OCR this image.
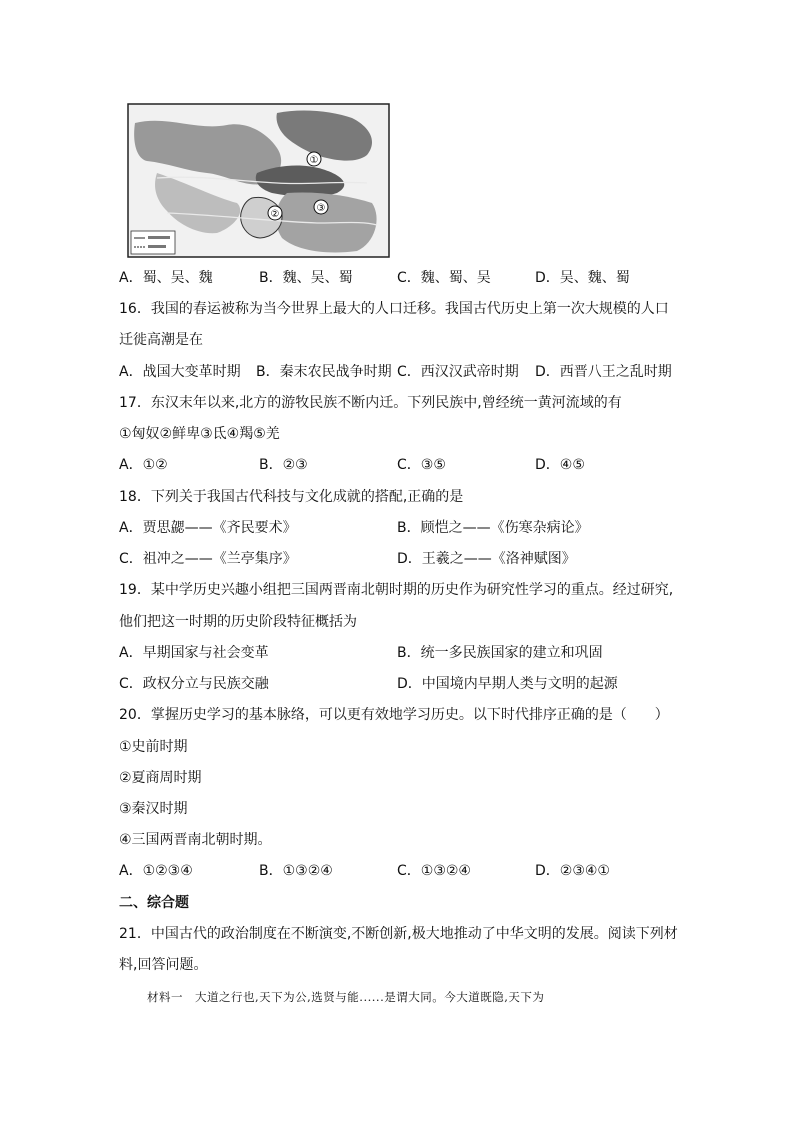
①
②
③
A．蜀、吴、魏	B．魏、吴、蜀	C．魏、蜀、吴	D．吴、魏、蜀
16．我国的春运被称为当今世界上最大的人口迁移。我国古代历史上第一次大规模的人口
迁徙高潮是在
A．战国大变革时期 B．秦末农民战争时期 C．西汉汉武帝时期 D．西晋八王之乱时期
17．东汉末年以来,北方的游牧民族不断内迁。下列民族中,曾经统一黄河流域的有
①匈奴②鲜卑③氐④羯⑤羌
A．①②	B．②③	C．③⑤	D．④⑤
18．下列关于我国古代科技与文化成就的搭配,正确的是
A．贾思勰——《齐民要术》	B．顾恺之——《伤寒杂病论》
C．祖冲之——《兰亭集序》	D．王羲之——《洛神赋图》
19．某中学历史兴趣小组把三国两晋南北朝时期的历史作为研究性学习的重点。经过研究,
他们把这一时期的历史阶段特征概括为
A．早期国家与社会变革	B．统一多民族国家的建立和巩固
C．政权分立与民族交融	D．中国境内早期人类与文明的起源
20．掌握历史学习的基本脉络，可以更有效地学习历史。以下时代排序正确的是（　　）
①史前时期
②夏商周时期
③秦汉时期
④三国两晋南北朝时期。
A．①②③④	B．①③②④	C．①③②④	D．②③④①
二、综合题
21．中国古代的政治制度在不断演变,不断创新,极大地推动了中华文明的发展。阅读下列材
料,回答问题。
材料一　大道之行也,天下为公,选贤与能......是谓大同。今大道既隐,天下为
